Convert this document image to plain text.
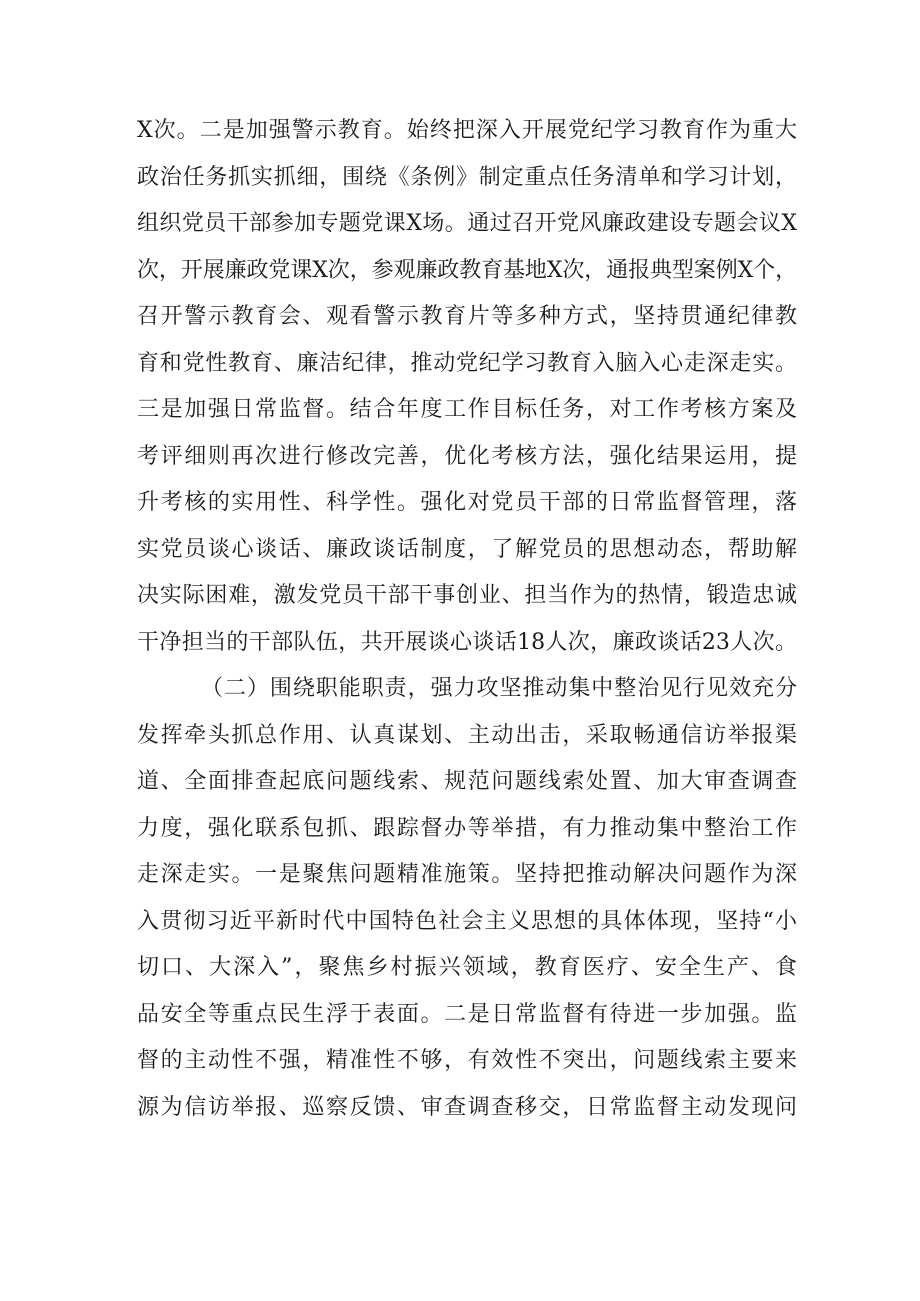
X次。二是加强警示教育。始终把深入开展党纪学习教育作为重大
政治任务抓实抓细，围绕《条例》制定重点任务清单和学习计划，
组织党员干部参加专题党课X场。通过召开党风廉政建设专题会议X
次，开展廉政党课X次，参观廉政教育基地X次，通报典型案例X个，
召开警示教育会、观看警示教育片等多种方式，坚持贯通纪律教
育和党性教育、廉洁纪律，推动党纪学习教育入脑入心走深走实。
三是加强日常监督。结合年度工作目标任务，对工作考核方案及
考评细则再次进行修改完善，优化考核方法，强化结果运用，提
升考核的实用性、科学性。强化对党员干部的日常监督管理，落
实党员谈心谈话、廉政谈话制度，了解党员的思想动态，帮助解
决实际困难，激发党员干部干事创业、担当作为的热情，锻造忠诚
干净担当的干部队伍，共开展谈心谈话18人次，廉政谈话23人次。
（二）围绕职能职责，强力攻坚推动集中整治见行见效充分
发挥牵头抓总作用、认真谋划、主动出击，采取畅通信访举报渠
道、全面排查起底问题线索、规范问题线索处置、加大审查调查
力度，强化联系包抓、跟踪督办等举措，有力推动集中整治工作
走深走实。一是聚焦问题精准施策。坚持把推动解决问题作为深
入贯彻习近平新时代中国特色社会主义思想的具体体现，坚持“小
切口、大深入”，聚焦乡村振兴领域，教育医疗、安全生产、食
品安全等重点民生浮于表面。二是日常监督有待进一步加强。监
督的主动性不强，精准性不够，有效性不突出，问题线索主要来
源为信访举报、巡察反馈、审查调查移交，日常监督主动发现问
